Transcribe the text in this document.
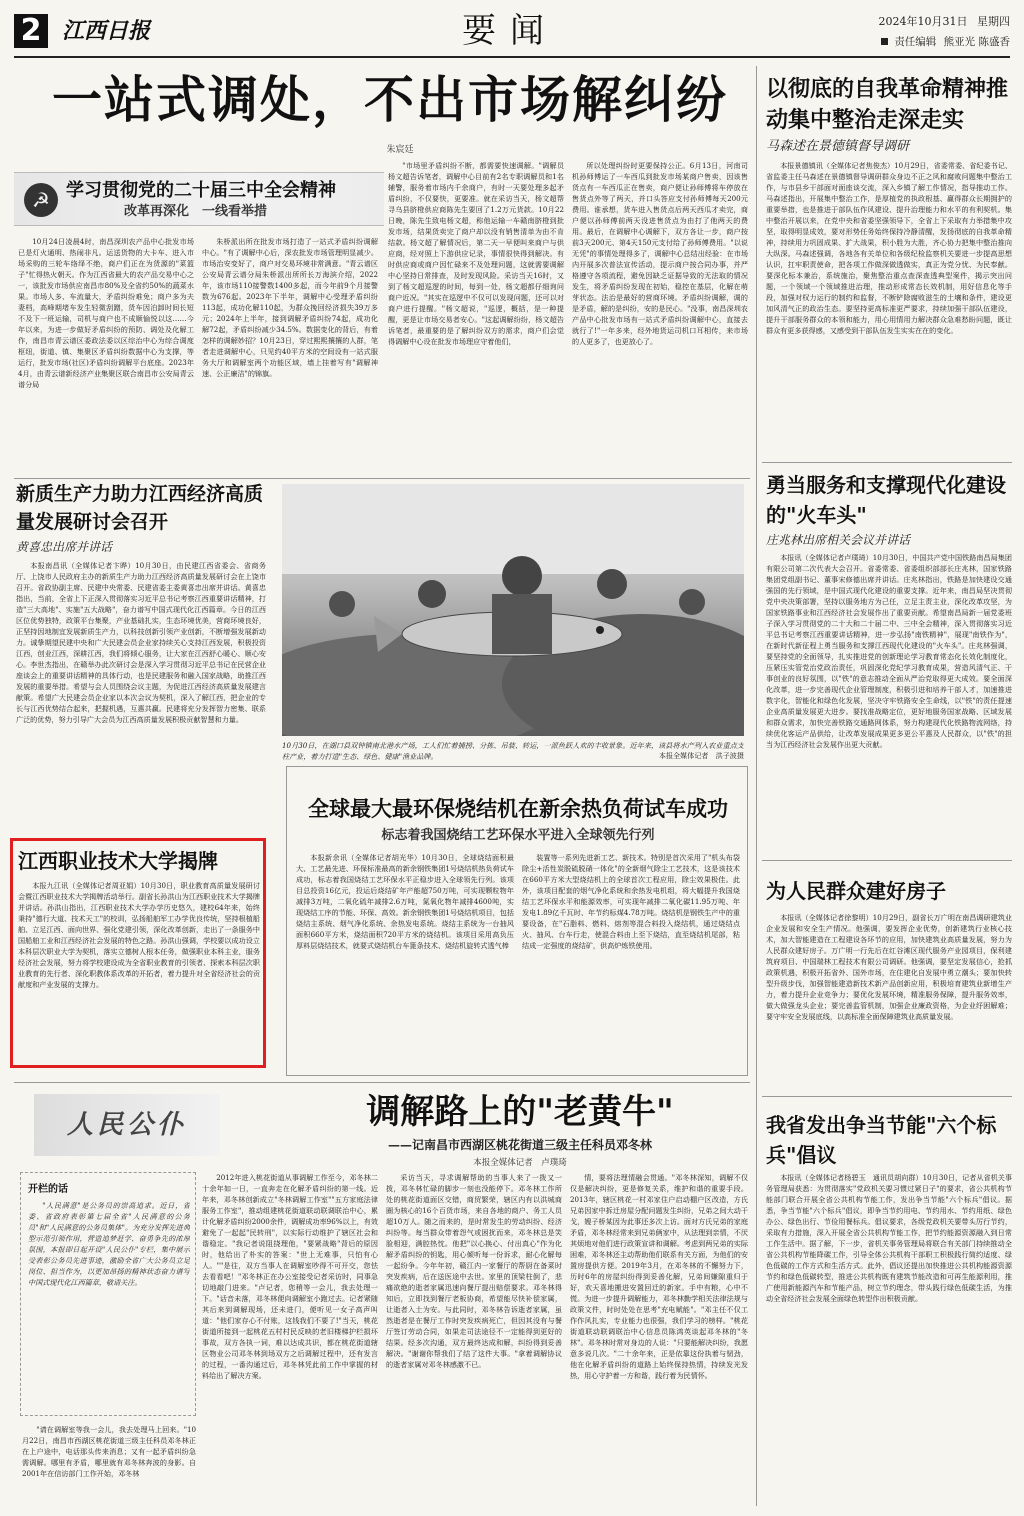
2 江西日报	要闻	2024年10月31日 星期四
责任编辑 熊亚光 陈盛香
一站式调处，不出市场解纠纷
朱宸廷
☭ 学习贯彻党的二十届三中全会精神
改革再深化　一线看举措
10月24日凌晨4时，南昌深圳农产品中心批发市场已是灯火通明、热闹非凡。运送货物的大卡车、进入市场采购的三轮车络绎不绝，商户们正在为货源的"菜篮子"忙得热火朝天。作为江西省最大的农产品交易中心之一，该批发市场供应南昌市80%及全省约50%的蔬菜水果。市场人多、车流量大，矛盾纠纷难免；商户多为夫妻档，高峰期堵车发生轻微刮蹭，货车因泊卸时间长短不及下一班运输，司机与商户也不成顺愉悦以这……今年以来，为进一步做好矛盾纠纷的预防、调处及化解工作，南昌市青云谱区委政法委以区综治中心为综合调度枢纽，街道、镇、集聚区矛盾纠纷数据中心为支撑，等运行，批发市场(社区)矛盾纠纷调解平台底座。2023年4月，由青云谱新经济产业集聚区联合南昌市公安局青云谱分局
朱桥派出所在批发市场打造了一站式矛盾纠纷调解中心。"有了调解中心后，深农批发市场管理明显减少。市场治安变好了，商户对交易环境非常满意。"青云谱区公安局青云谱分局朱桥派出所所长万海滨介绍，2022年，该市场110接警数1400多起，而今年前9个月接警数为676起。2023年下半年，调解中心受理矛盾纠纷113起，成功化解110起，为群众挽回经济损失39万多元；2024年上半年，接到调解矛盾纠纷74起，成功化解72起，矛盾纠纷减少34.5%。数据变化的背后，有着怎样的调解妙招？10月23日，穿过熙熙攘攘的人群，笔者走进调解中心，只见约40平方米的空间设有一站式服务大厅和调解室两个功能区域，墙上挂着写有"调解神速、公正廉洁"的锦旗。
"市场里矛盾纠纷不断，都需要快速调解。"调解员杨文超告诉笔者，调解中心目前有2名专职调解员和1名辅警，服务着市场内千余商户，有时一天要处理多起矛盾纠纷，不仅要快，更要准。就在采访当天，杨文超帮寻乌县脐橙供应商陈先生要回了1.2万元货款。10月22日晚，陈先生致电杨文超，称他运输一车赣南脐橙到批发市场，结果货卖完了商户却以没有销售清单为由不肯结款。杨文超了解情况后，第二天一早便叫来商户与供应商，经对照上下游供应记录，事情很快得到解决。有时供应商或商户因忙碌来不及处理问题，这就需要调解中心坚持日常排查，及时发现风险。采访当天16时，又到了杨文超巡逻的时间，每到一处，杨文超都仔细询问商户近况。"其实在巡逻中不仅可以发现问题，还可以对商户进行提醒。"杨文超说，"巡逻，概括，是一种提醒，更是让市场交易者安心。"这起调解纷纷，杨文超告诉笔者，最重要的是了解纠纷双方的需求，商户们会觉得调解中心设在批发市场理应守着他们，
所以处理纠纷时更要保持公正。6月13日，河南司机孙师傅运了一车西瓜到批发市场某商户售卖，因该售货点有一车西瓜正在售卖，商户便让孙师傅将车停放在售货点外等了两天，并口头答应支付孙师傅每天200元费用。谁承想，货车进入售货点后两天西瓜才卖完，商户便以孙师傅前两天没进售货点为由打了他两天的费用。最后，在调解中心调解下，双方各让一步，商户按前3天200元、第4天150元支付给了孙师傅费用。"以说无凭"的事情处理得多了，调解中心总结出经验：在市场内开展多次普法宣传活动，提示商户按合同办事，并严格遵守各项流程，避免因缺乏证据导致的无法取的情况发生，将矛盾纠纷发现在初始，稳控在基层，化解在萌芽状态。法治是最好的营商环境。矛盾纠纷调解，调的是矛盾，解的是纠纷，安的是民心。"没事，南昌深圳农产品中心批发市场有一站式矛盾纠纷调解中心，直接去就行了!"一年多来，经外地货运司机口耳相传，来市场的人更多了，也更放心了。
以彻底的自我革命精神推动集中整治走深走实
马森述在景德镇督导调研
本报景德镇讯（全媒体记者焦俊杰）10月29日，省委常委、省纪委书记、省监委主任马森述在景德镇督导调研群众身边不正之风和腐败问题集中整治工作，与市县乡干部面对面座谈交流，深入乡镇了解工作情况，指导推动工作。马森述指出，开展集中整治工作，是厚植党的执政根基、赢得群众长期拥护的重要举措，也是推进于部队伍作风建设、提升治理能力和水平的有利契机。集中整治开展以来，在党中央和省委坚强领导下，全省上下采取有力举措集中攻坚，取得明显成效，要对形势任务始终保持冷静清醒，发扬彻底的自我革命精神，持续用力巩固成果、扩大战果，积小胜为大胜，齐心协力把集中整治推向大纵深。马森述强调，各地各有关单位和各级纪检监察机关要进一步提高思想认识，扛牢职责使命，把各项工作做深做透做实，真正为党分忧、为民奉献。要深化标本兼治，系统施治，聚焦整治重点查深查透典型案件，揭示突出问题，一个领域一个领域推进治理，推动形成常态长效机制，用好信息化等手段，加强对权力运行的制约和监督，不断铲除腐败滋生的土壤和条件，建设更加风清气正的政治生态。要坚持更高标准更严要求，持续加强干部队伍建设，提升干部服务群众的本领和能力，用心用情用力解决群众急难愁盼问题，既让群众有更多获得感，又感受到干部队伍发生实实在在的变化。
新质生产力助力江西经济高质量发展研讨会召开
黄喜忠出席并讲话
本报南昌讯（全媒体记者卞晔）10月30日，由民建江西省委会、省商务厅、上饶市人民政府主办的新质生产力助力江西经济高质量发展研讨会在上饶市召开。省政协副主席、民建中央常委、民建省委主委黄喜忠出席并讲话。黄喜忠指出，当前，全省上下正深入贯彻落实习近平总书记考察江西重要讲话精神，打造"三大高地"、实施"五大战略"，奋力谱写中国式现代化江西篇章。今日的江西区位优势独特，政策平台集聚，产业基础扎实，生态环境优美，营商环境良好，正坚持因地制宜发展新质生产力，以科技创新引领产业创新，不断增强发展新动力。诚挚期望民建中央和广大民建会员企业家持续关心支持江西发展，积极投资江西，创业江西，深耕江西，我们将倾心服务，让大家在江西舒心暖心、顺心安心。李世杰指出，在赣举办此次研讨会是深入学习贯彻习近平总书记在民营企业座谈会上的重要讲话精神的具体行动，也是民建服务和融入国家战略，助推江西发展的重要举措。希望与会人员围绕会议主题，为促进江西经济高质量发展建言献策。希望广大民建会员企业家以本次会议为契机，深入了解江西，把企业的专长与江西优势结合起来，把握机遇，互惠共赢。民建将充分发挥智力密集、联系广泛的优势，努力引导广大会员为江西高质量发展积极贡献智慧和力量。
10月30日，在湖口县双钟镇南北港水产场，工人们忙着捕捞、分拣、吊装、转运，一派鱼跃人欢的丰收景象。近年来，该县将水产列入农业重点支柱产业，着力打造"生态、绿色、健康"渔业品牌。	本报全媒体记者　洪子波摄
勇当服务和支撑现代化建设的"火车头"
庄兆林出席相关会议并讲话
本报讯（全媒体记者卢璞琦）10月30日，中国共产党中国铁路南昌局集团有限公司第二次代表大会召开。省委常委、省委组织部部长庄兆林，国家铁路集团党组副书记、董事宋修德出席并讲话。庄兆林指出，铁路是加快建设交通强国的先行领域，是中国式现代化建设的重要支撑。近年来，南昌局坚决贯彻党中央决策部署，坚持以服务地方为己任，立足主责主业，深化改革攻坚，为国家铁路事业和江西经济社会发展作出了重要贡献。希望南昌局新一届党委班子深入学习贯彻党的二十大和二十届二中、三中全会精神，深入贯彻落实习近平总书记考察江西重要讲话精神，进一步弘扬"南铁精神"，展现"南铁作为"，在新时代新征程上勇当服务和支撑江西现代化建设的"火车头"。庄兆林强调，要坚持党的全面领导，扎实推进党的创新理论学习教育常态化长效化制度化，压紧压实管党治党政治责任，巩固深化党纪学习教育成果，营造风清气正、干事创业的良好氛围，以"铁"的意志推动全面从严治党取得更大成效。要全面深化改革，进一步完善现代企业管理制度，积极引进和培养干部人才，加速推进数字化，智能化和绿色化发展，坚决守牢铁路安全生命线，以"铁"的责任提速企业高质量发展更大进步。要找准战略定位，更好地服务国家战略、区域发展和群众需求，加快完善铁路交通路网体系，努力构建现代化铁路物流网络，持续优化客运产品供给，让改革发展成果更多更公平惠及人民群众，以"铁"的担当为江西经济社会发展作出更大贡献。
全球最大最环保烧结机在新余热负荷试车成功
标志着我国烧结工艺环保水平进入全球领先行列
本报新余讯（全媒体记者胡光华）10月30日，全球烧结面积最大、工艺最先进、环保标准最高的新余钢铁集团1号烧结机热负荷试车成功，标志着我国烧结工艺环保水平正稳步进入全球领先行列。该项目总投资16亿元，投运后烧结矿年产能超750万吨，可实现颗粒物年减排3万吨，二氧化硫年减排2.6万吨，氮氧化物年减排4600吨，实现烧结工序的节能、环保、高效。新余钢铁集团1号烧结机项目，包括烧结主系统、烟气净化系统、余热发电系统。烧结主系统为一台抽风面积660平方米，烧结面积720平方米的烧结机。该项目采用高负压厚料层烧结技术，就要式烧结机台车篦条技术、烧结机旋转式透气棒
装置等一系列先进新工艺、新技术。特别是首次采用了"机头布袋除尘+活性炭脱硫脱硝一体化"的全新烟气除尘工艺技术，这是该技术在660平方米大型烧结机上的全球首次工程应用，除尘效果极佳。此外，该项目配套的烟气净化系统和余热发电机组，将大幅提升我国烧结工艺环保水平和能源效率，可实现年减排二氧化碳11.95万吨、年发电1.89亿千瓦时、年节约标煤4.78万吨。烧结机是钢铁生产中的重要设备，在"石脂料、燃料、熔剂等混合料投入烧结机，通过烧结点火、抽风、台车行走，使混合料由上至下烧结，直至烧结机尾部，粘结成一定强度的烧结矿，供高炉炼铁使用。
江西职业技术大学揭牌
本报九江讯（全媒体记者周亚娟）10月30日，职业教育高质量发展研讨会暨江西职业技术大学揭牌活动举行。副省长孙洪山为江西职业技术大学揭牌并讲话。孙洪山指出，江西职业技术大学办学历史悠久，建校64年来，始终秉持"德行大道、技术天工"的校训，弘扬船舶军工办学优良传统，坚持根植船舶、立足江西、面向世界、强化党建引领，深化改革创新，走出了一条服务中国船舶工业和江西经济社会发展的特色之路。孙洪山强调，学校要以成功设立本科层次职业大学为契机，落实立德树人根本任务，做强职业本科主业，服务经济社会发展，努力将学校建设成为全省职业教育的引领者、探索本科层次职业教育的先行者、深化职教体系改革的开拓者，着力提升对全省经济社会的贡献度和产业发展的支撑力。
为人民群众建好房子
本报讯（全媒体记者徐黎明）10月29日，副省长万广明在南昌调研建筑业企业发展和安全生产情况。他强调，要发挥企业优势，创新建筑行业核心技术，加大智能建造在工程建设各环节的应用，加快建筑业高质量发展，努力为人民群众建好房子。万广明一行先后在红谷滩区现代服务产业园项目，保利建筑府项目、中国瑞林工程技术有限公司调研。他强调，要坚定发展信心，抢抓政策机遇，积极开拓省外、国外市场，在住建化自发展中勇立潮头；要加快转型升级步伐，加强智能建造新技术新产品创新应用，积极培育建筑业新增生产力，着力提升企业竞争力；要优化发展环境，精准服务保障，提升服务效率，做大做强龙头企业；要完善监管机制，加强企业廉政资格，为企业纾困解难；要守牢安全发展底线，以高标准全面保障建筑业高质量发展。
调解路上的"老黄牛"
——记南昌市西湖区桃花街道三级主任科员邓冬林
本报全媒体记者　卢璞琦
人民公仆
开栏的话
"人民满意"是公务员的崇高追求。近日，省委、省政府表彰第七届全省"人民满意的公务员"和"人民满意的公务员集体"。为充分发挥先进典型示范引领作用，营造追梦赶学、奋勇争先的浓厚氛围，本报即日起开设"人民公仆"专栏，集中展示受表彰公务员先进事迹，激励全省广大公务员立足岗位、担当作为，以更加昂扬的精神状态奋力谱写中国式现代化江西篇章，敬请关注。
"请在调解室等我一会儿，我去处理马上回来。"10月22日，南昌市西湖区桃花街道三级主任科员邓冬林正在上户途中，电话那头传来消息；又有一起矛盾纠纷急需调解。哪里有矛盾，哪里就有邓冬林奔波的身影。自2001年在信访部门工作开始，邓冬林
2012年进入桃花街道从事调解工作至今，邓冬林二十余年如一日，一直奔走在化解矛盾纠纷的第一线。近年来，邓冬林创新成立"冬林调解工作室""五方家庭法律服务工作室"，推动组建桃花街道联动联调联治中心，累计化解矛盾纠纷2000余件，调解成功率96%以上，有效避免了一起起"民转刑"，以实际行动维护了辖区社会和谐稳定。"我记者说阻挠理他，"要紧战略"背后的原因时，他给出了朴实的答案："世上无难事，只怕有心人。""是往，双方当事人在调解室吵得不可开交，您怯去看看吧！"邓冬林正在办公室接受记者采访时，同事急切地敲门进来。"卢记者，您稍等一会儿，我去处理一下。"话音未落，邓冬林便向调解室小跑过去。记者紧随其后来到调解现场，还未进门，便听见一女子高声叫道："他们家存心不付账，这钱我们不要了!"当天，桃花街道所接到一起桃花五村村民反映的老旧楼梯护栏损坏事故，双方各执一词，难以达成共识，都在桃花街道辖区物业公司邓冬林到场双方之后调解过程中，还有发言的过程，一番沟通过后，邓冬林凭此前工作中掌握的材料给出了解决方案。
采访当天，寻求调解帮助的当事人来了一拨又一拨，邓冬林忙碌的脚步一刻也没能停下。邓冬林工作所处的桃花街道面区交错，商贸繁荣，辖区内有以洪城商圈为核心的16个百货市场，来自各地的商户、务工人员超10万人。随之而来的，是时常发生的劳动纠纷、经济纠纷等。每当群众带着怨气或困扰而来，邓冬林总是笑脸相迎，满腔热忱。他把"以心换心、付出真心"作为化解矛盾纠纷的钥匙，用心倾听每一份诉求，耐心化解每一起纷争。今年年初，赣江内一家餐厅的帮厨在备菜时突发疾病，后在送医途中去世。家里的顶梁柱倒了，悲痛欲绝的逝者家属迅速向餐厅提出赔偿要求。邓冬林得知后，立即找到餐厅老板协商，希望能尽快补偿家属，让逝者入土为安。与此同时，邓冬林告诉逝者家属，虽然逝者是在餐厅工作时突发疾病死亡，但因其没有与餐厅签订劳动合同，如果走司法途径不一定能得到更好的结果。经多次沟通，双方最终达成和解，纠纷得到妥善解决。"谢谢你帮我们了结了这件大事。"拿着调解协议的逝者家属对邓冬林感激不已。
情，要将法理情融会贯通。"邓冬林深知，调解不仅仅是解决纠纷，更是修复关系，维护和谐的重要手段。2013年，辖区桃花一村邓家住户启动棚户区改造，方氏兄弟因家中拆迁房屋分配问题发生纠纷，兄弟之间大动干戈，嫂子桥某因为此事还多次上访。面对方氏兄弟的家庭矛盾，邓冬林经常来到兄弟俩家中，从法理到亲情，不厌其烦地对他们进行政策宣讲和调解。考虑到两兄弟的实际困难，邓冬林还主动帮助他们联系有关方面，为他们的安置房提供方便。2019年3月，在邓冬林的不懈努力下，历时6年的房屋纠纷得到妥善化解，兄弟间嫌隙重归于好，欢天喜地搬进安置回迁的新家。手中有粮，心中不慌。为进一步提升调解能力，邓冬林勤学相关法律法规与政策文件，时时处处在思考"充电赋能"。"邓主任不仅工作作风扎实，专业能力也很强，我们学习的榜样。"桃花街道联动联调联治中心信息员陈鸿英谈起邓冬林的"冬林"。邓冬林时常对身边的人说："只要能解决纠纷，我愿意多说几次。"二十余年来，正是依靠这份执着与韧劲，他在化解矛盾纠纷的道路上始终保持热情，持续发光发热，用心守护着一方和谐，践行着为民情怀。
我省发出争当节能"六个标兵"倡议
本报讯（全媒体记者杨碧玉　通讯员胡向群）10月30日，记者从省机关事务管理局获悉：为贯彻落实"党政机关要习惯过紧日子"的要求，省公共机构节能部门联合开展全省公共机构节能工作，发出争当节能"六个标兵"倡议。据悉，争当节能"六个标兵"倡议，即争当节约用电、节约用水、节约用纸、绿色办公、绿色出行、节俭用餐标兵。倡议要求，各级党政机关要带头厉行节约，采取有力措施，深入开展全省公共机构节能工作，把节约能源资源融入到日常工作生活中。据了解，下一步，省机关事务管理局将联合有关部门持续推动全省公共机构节能降碳工作，引导全体公共机构干部职工积极践行简约适度、绿色低碳的工作方式和生活方式。此外，倡议还提出加快推进公共机构能源资源节约和绿色低碳转型，推进公共机构既有建筑节能改造和可再生能源利用，推广使用新能源汽车和节能产品，树立节约理念，带头践行绿色低碳生活，为推动全省经济社会发展全面绿色转型作出积极贡献。
